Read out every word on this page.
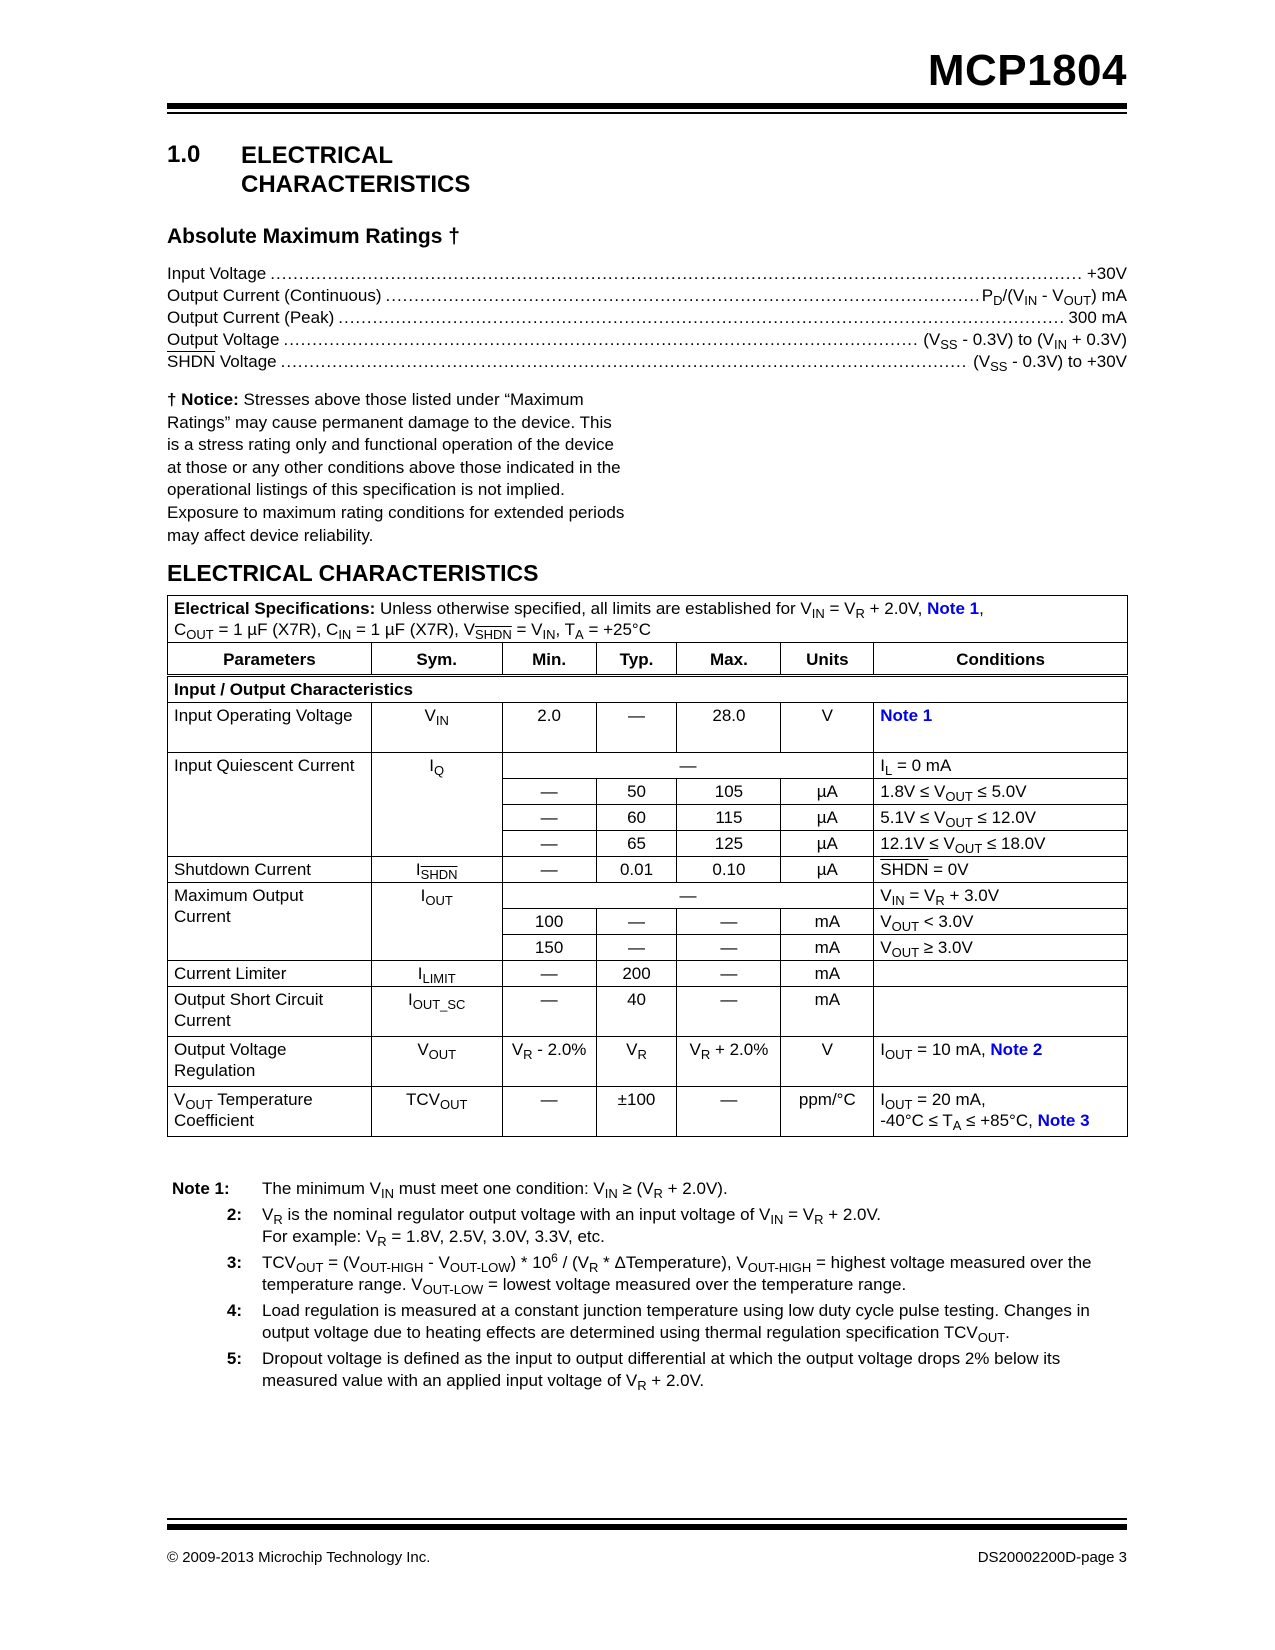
MCP1804
1.0 ELECTRICAL
CHARACTERISTICS
Absolute Maximum Ratings †
Input Voltage .....	+30V
Output Current (Continuous) .....	$P_D/(V_{IN} - V_{OUT})$ mA
Output Current (Peak) .....	300 mA
Output Voltage .....	$(V_{SS} - 0.3V)$ to $(V_{IN} + 0.3V)$
SHDN Voltage .....	$(V_{SS} - 0.3V)$ to +30V
† Notice: Stresses above those listed under “Maximum Ratings” may cause permanent damage to the device. This is a stress rating only and functional operation of the device at those or any other conditions above those indicated in the operational listings of this specification is not implied. Exposure to maximum rating conditions for extended periods may affect device reliability.
ELECTRICAL CHARACTERISTICS
Electrical Specifications: Unless otherwise specified, all limits are established for $V_{IN} = V_R + 2.0V$, Note 1,
$C_{OUT} = 1$ µF (X7R), $C_{IN} = 1$ µF (X7R), $V_{SHDN} = V_{IN}$, $T_A = +25^\circ C$						
Parameters	Sym.	Min.	Typ.	Max.	Units	Conditions
Input / Output Characteristics						
Input Operating Voltage	$V_{IN}$	2.0	—	28.0	V	Note 1
Input Quiescent Current	$I_Q$	—				$I_L = 0$ mA
		—	50	105	µA	$1.8V \le V_{OUT} \le 5.0V$
		—	60	115	µA	$5.1V \le V_{OUT} \le 12.0V$
		—	65	125	µA	$12.1V \le V_{OUT} \le 18.0V$
Shutdown Current	$I_{SHDN}$	—	0.01	0.10	µA	SHDN = 0V
Maximum Output Current	$I_{OUT}$	—				$V_{IN} = V_R + 3.0V$
		100	—	—	mA	$V_{OUT} < 3.0V$
		150	—	—	mA	$V_{OUT} \ge 3.0V$
Current Limiter	$I_{LIMIT}$	—	200	—	mA	
Output Short Circuit Current	$I_{OUT\_SC}$	—	40	—	mA	
Output Voltage Regulation	$V_{OUT}$	$V_R - 2.0\%$	$V_R$	$V_R + 2.0\%$	V	$I_{OUT} = 10$ mA, Note 2
$V_{OUT}$ Temperature Coefficient	$TCV_{OUT}$	—	±100	—	ppm/°C	$I_{OUT} = 20$ mA,
$-40^\circ C \le T_A \le +85^\circ C$, Note 3
Note 1:	The minimum $V_{IN}$ must meet one condition: $V_{IN} \ge (V_R + 2.0V)$.
2: $V_R$ is the nominal regulator output voltage with an input voltage of $V_{IN} = V_R + 2.0V$.
For example: $V_R = 1.8V$, 2.5V, 3.0V, 3.3V, etc.
3: $TCV_{OUT} = (V_{OUT-HIGH} - V_{OUT-LOW}) * 10^6 / (V_R$ * ΔTemperature), $V_{OUT-HIGH}$ = highest voltage measured over the temperature range. $V_{OUT-LOW}$ = lowest voltage measured over the temperature range.
4: Load regulation is measured at a constant junction temperature using low duty cycle pulse testing. Changes in output voltage due to heating effects are determined using thermal regulation specification $TCV_{OUT}$.
5: Dropout voltage is defined as the input to output differential at which the output voltage drops 2% below its measured value with an applied input voltage of $V_R + 2.0V$.
© 2009-2013 Microchip Technology Inc.	DS20002200D-page 3
